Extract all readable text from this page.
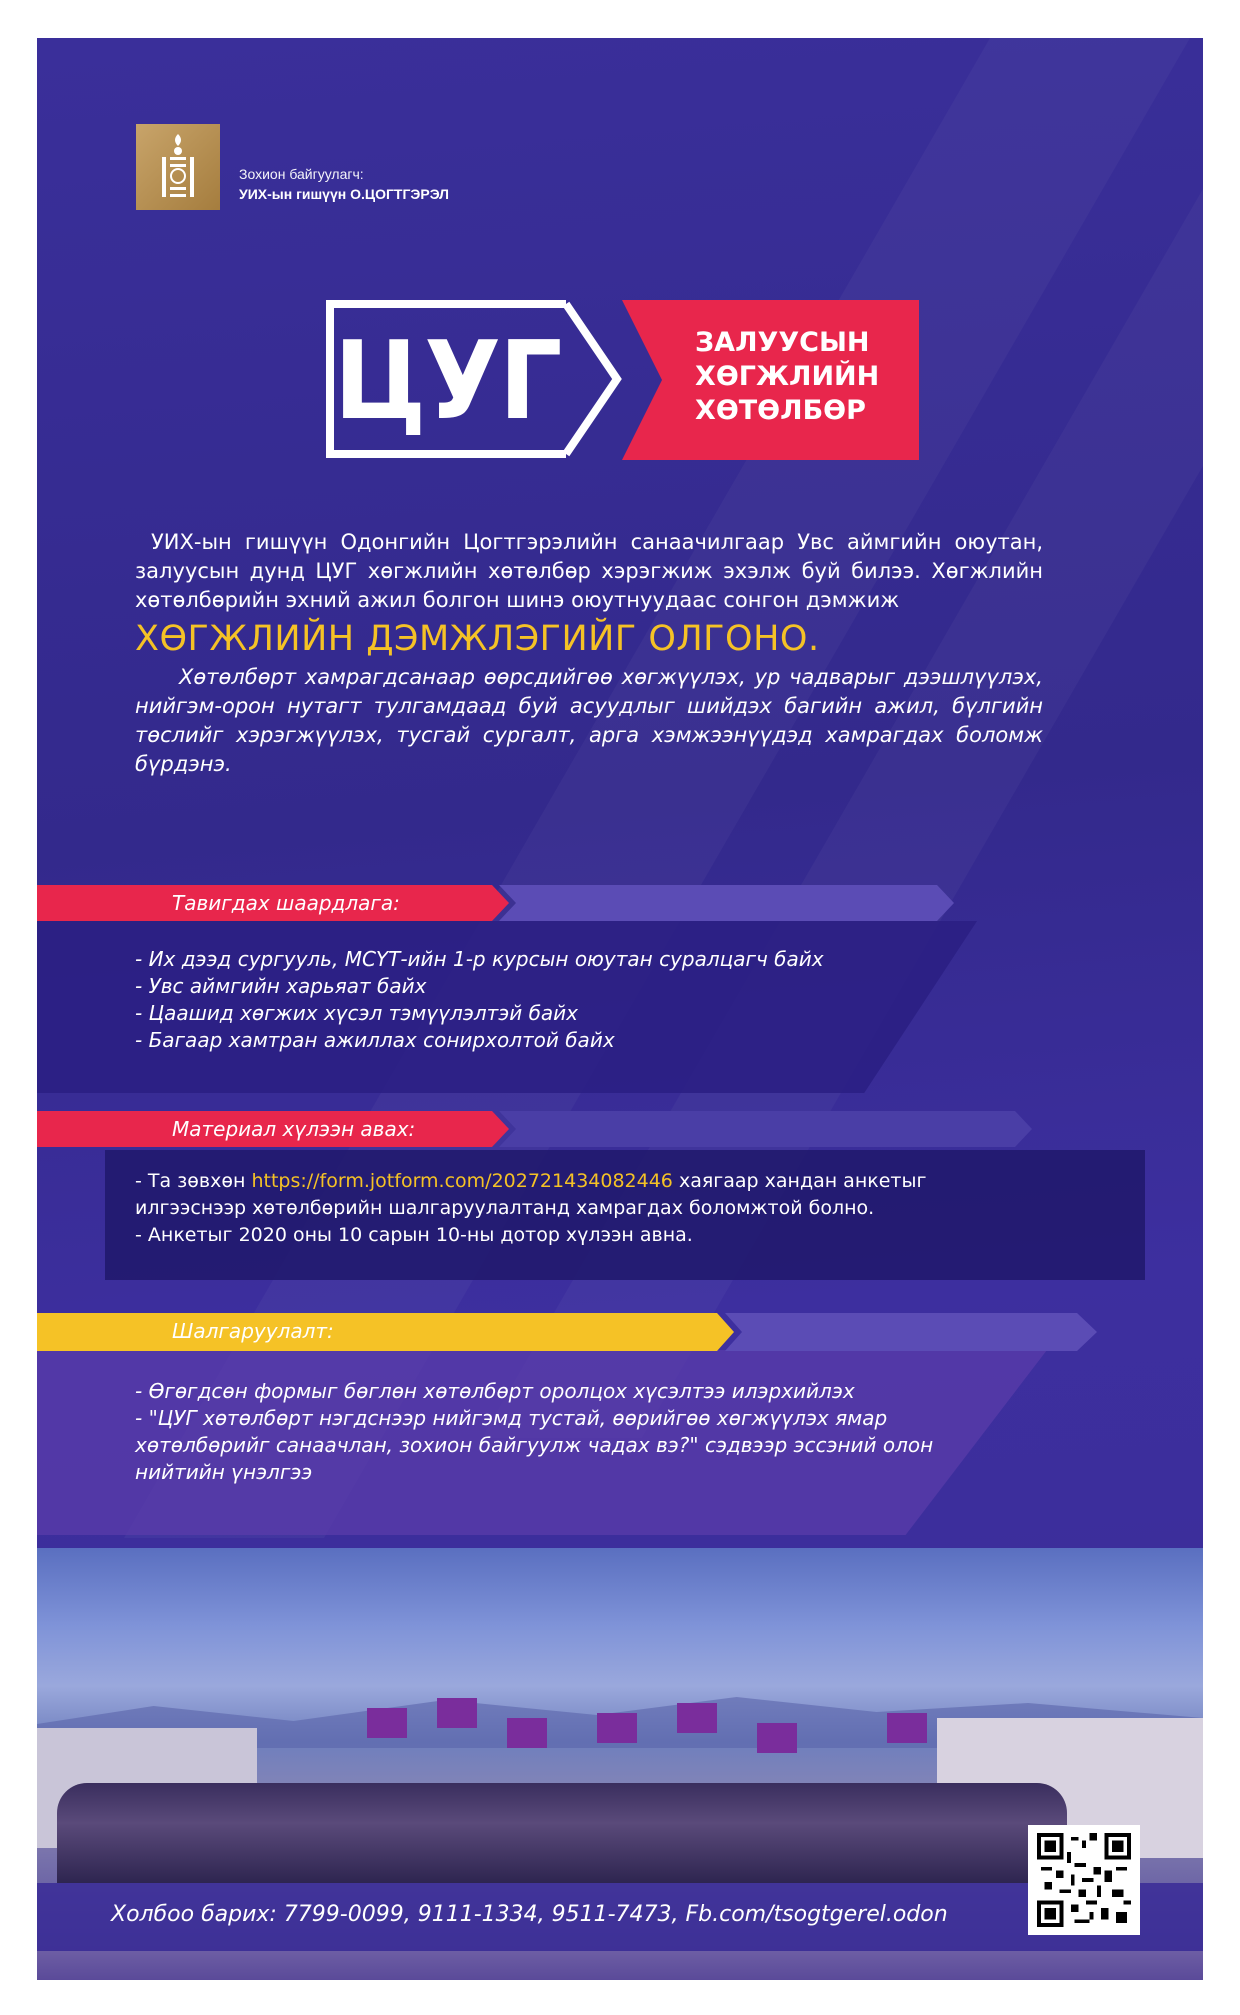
Зохион байгуулагч:
УИХ-ын гишүүн О.ЦОГТГЭРЭЛ
ЦУГ	ЗАЛУУСЫН
ХӨГЖЛИЙН
ХӨТӨЛБӨР

УИХ-ын гишүүн Одонгийн Цогтгэрэлийн санаачилгаар Увс аймгийн оюутан, залуусын дунд ЦУГ хөгжлийн хөтөлбөр хэрэгжиж эхэлж буй билээ. Хөгжлийн хөтөлбөрийн эхний ажил болгон шинэ оюутнуудаас сонгон дэмжиж

ХӨГЖЛИЙН ДЭМЖЛЭГИЙГ ОЛГОНО.

Хөтөлбөрт хамрагдсанаар өөрсдийгөө хөгжүүлэх, ур чадварыг дээшлүүлэх, нийгэм-орон нутагт тулгамдаад буй асуудлыг шийдэх багийн ажил, бүлгийн төслийг хэрэгжүүлэх, тусгай сургалт, арга хэмжээнүүдэд хамрагдах боломж бүрдэнэ.

Тавигдах шаардлага:
- Их дээд сургууль, МСҮТ-ийн 1-р курсын оюутан суралцагч байх
- Увс аймгийн харьяат байх
- Цаашид хөгжих хүсэл тэмүүлэлтэй байх
- Багаар хамтран ажиллах сонирхолтой байх
Материал хүлээн авах:
- Та зөвхөн https://form.jotform.com/202721434082446 хаягаар хандан анкетыг
илгээснээр хөтөлбөрийн шалгаруулалтанд хамрагдах боломжтой болно.
- Анкетыг 2020 оны 10 сарын 10-ны дотор хүлээн авна.
Шалгаруулалт:
- Өгөгдсөн формыг бөглөн хөтөлбөрт оролцох хүсэлтээ илэрхийлэх
- "ЦУГ хөтөлбөрт нэгдснээр нийгэмд тустай, өөрийгөө хөгжүүлэх ямар хөтөлбөрийг санаачлан, зохион байгуулж чадах вэ?" сэдвээр эссэний олон нийтийн үнэлгээ
Холбоо барих: 7799-0099, 9111-1334, 9511-7473, Fb.com/tsogtgerel.odon
